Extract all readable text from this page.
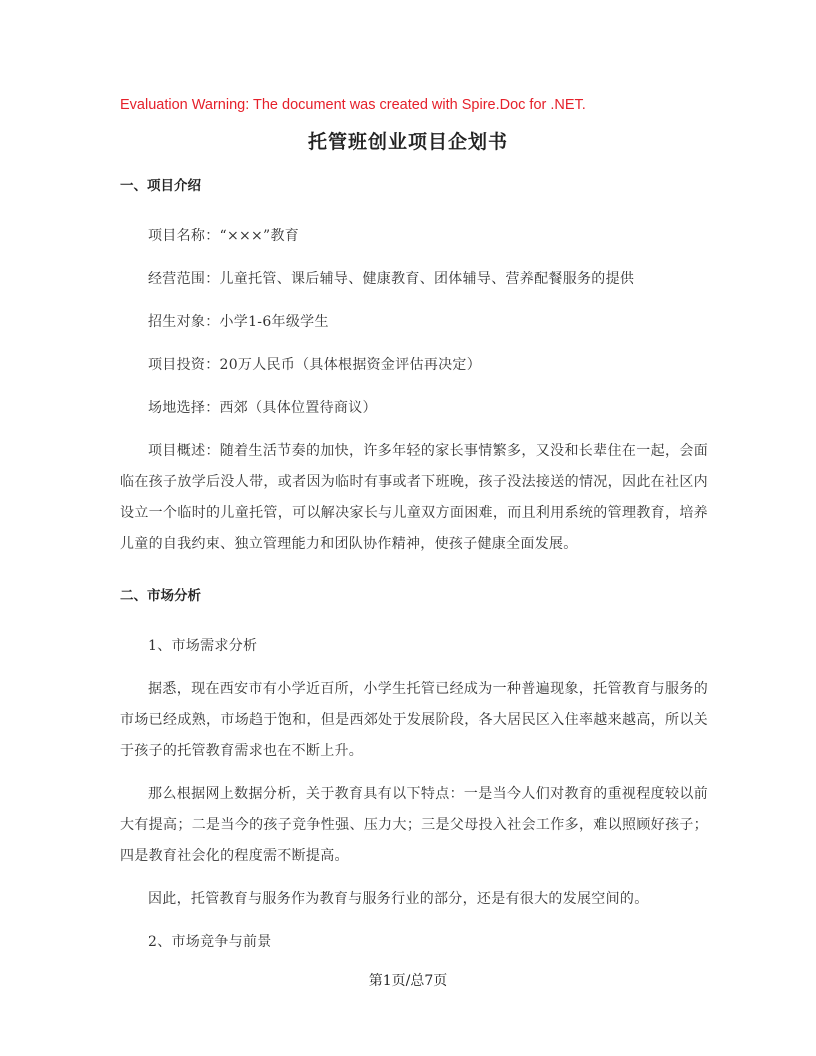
Evaluation Warning: The document was created with Spire.Doc for .NET.
托管班创业项目企划书
一、项目介绍

项目名称：“×××”教育

经营范围：儿童托管、课后辅导、健康教育、团体辅导、营养配餐服务的提供

招生对象：小学1-6年级学生

项目投资：20万人民币（具体根据资金评估再决定）

场地选择：西郊（具体位置待商议）

项目概述：随着生活节奏的加快，许多年轻的家长事情繁多，又没和长辈住在一起，会面临在孩子放学后没人带，或者因为临时有事或者下班晚，孩子没法接送的情况，因此在社区内设立一个临时的儿童托管，可以解决家长与儿童双方面困难，而且利用系统的管理教育，培养儿童的自我约束、独立管理能力和团队协作精神，使孩子健康全面发展。

二、市场分析

1、市场需求分析

据悉，现在西安市有小学近百所，小学生托管已经成为一种普遍现象，托管教育与服务的市场已经成熟，市场趋于饱和，但是西郊处于发展阶段，各大居民区入住率越来越高，所以关于孩子的托管教育需求也在不断上升。

那么根据网上数据分析，关于教育具有以下特点：一是当今人们对教育的重视程度较以前大有提高；二是当今的孩子竞争性强、压力大；三是父母投入社会工作多，难以照顾好孩子；四是教育社会化的程度需不断提高。

因此，托管教育与服务作为教育与服务行业的部分，还是有很大的发展空间的。

2、市场竞争与前景

第1页/总7页
